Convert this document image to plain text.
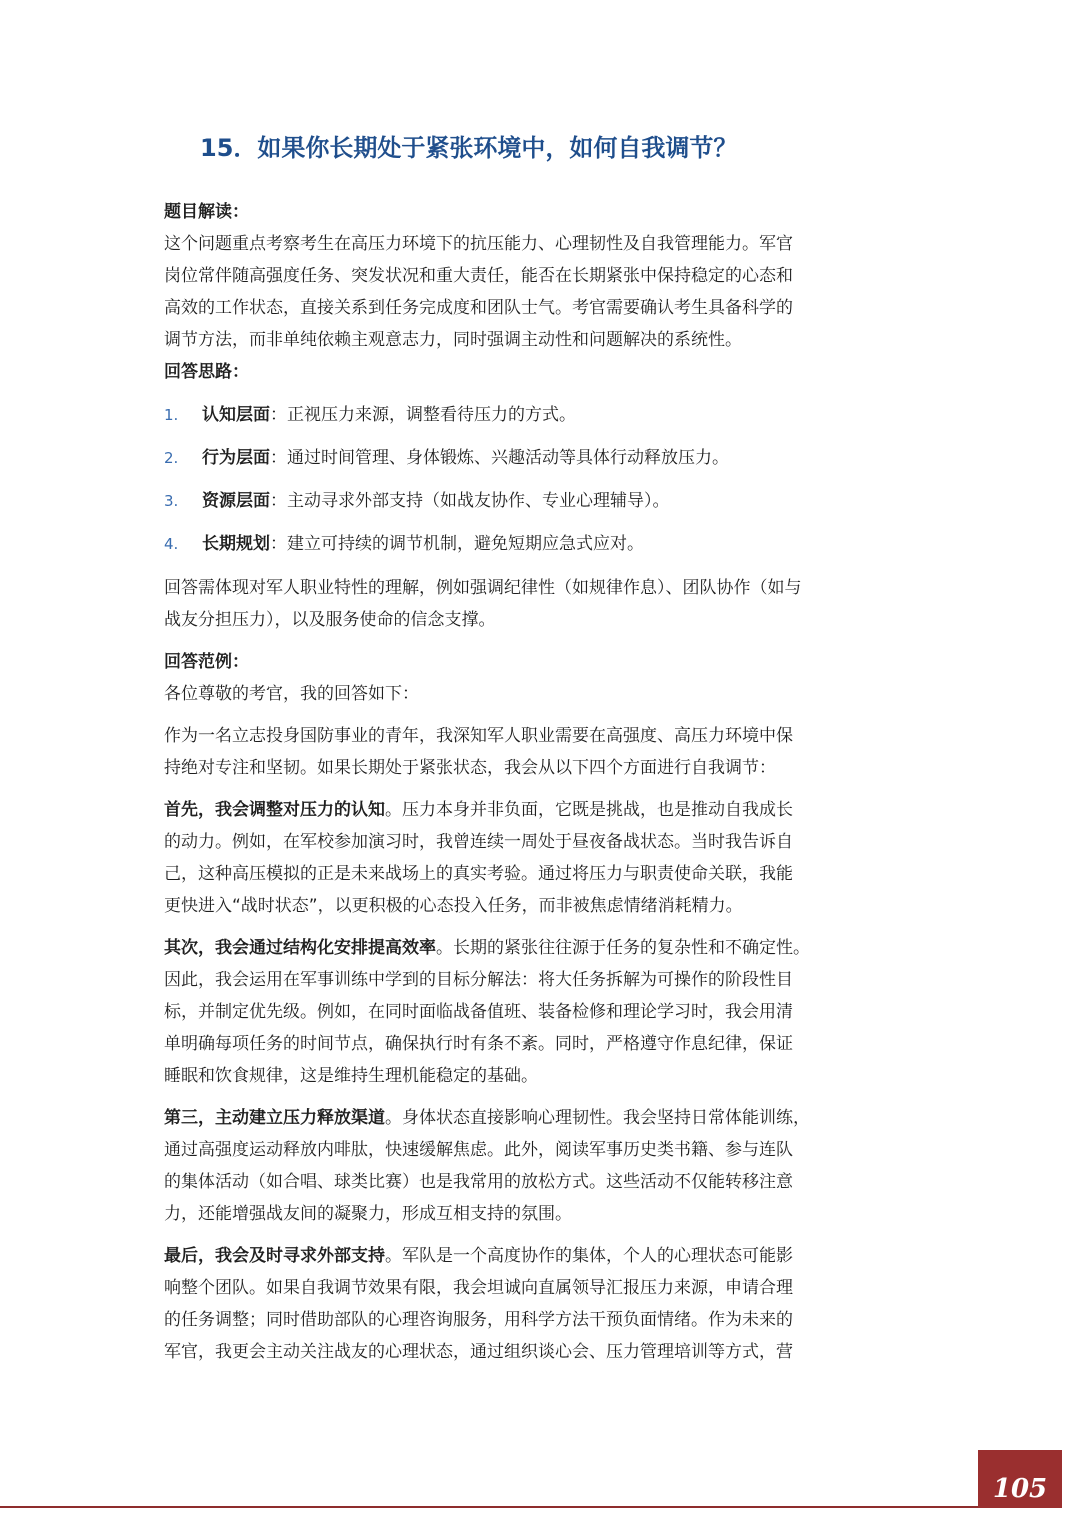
15．如果你长期处于紧张环境中，如何自我调节？

题目解读：

这个问题重点考察考生在高压力环境下的抗压能力、心理韧性及自我管理能力。军官
岗位常伴随高强度任务、突发状况和重大责任，能否在长期紧张中保持稳定的心态和
高效的工作状态，直接关系到任务完成度和团队士气。考官需要确认考生具备科学的
调节方法，而非单纯依赖主观意志力，同时强调主动性和问题解决的系统性。

回答思路：

1.	认知层面：正视压力来源，调整看待压力的方式。
2.	行为层面：通过时间管理、身体锻炼、兴趣活动等具体行动释放压力。
3.	资源层面：主动寻求外部支持（如战友协作、专业心理辅导）。
4.	长期规划：建立可持续的调节机制，避免短期应急式应对。
回答需体现对军人职业特性的理解，例如强调纪律性（如规律作息）、团队协作（如与
战友分担压力），以及服务使命的信念支撑。

回答范例：

各位尊敬的考官，我的回答如下：
作为一名立志投身国防事业的青年，我深知军人职业需要在高强度、高压力环境中保
持绝对专注和坚韧。如果长期处于紧张状态，我会从以下四个方面进行自我调节：
首先，我会调整对压力的认知。压力本身并非负面，它既是挑战，也是推动自我成长
的动力。例如，在军校参加演习时，我曾连续一周处于昼夜备战状态。当时我告诉自
己，这种高压模拟的正是未来战场上的真实考验。通过将压力与职责使命关联，我能
更快进入“战时状态”，以更积极的心态投入任务，而非被焦虑情绪消耗精力。
其次，我会通过结构化安排提高效率。长期的紧张往往源于任务的复杂性和不确定性。
因此，我会运用在军事训练中学到的目标分解法：将大任务拆解为可操作的阶段性目
标，并制定优先级。例如，在同时面临战备值班、装备检修和理论学习时，我会用清
单明确每项任务的时间节点，确保执行时有条不紊。同时，严格遵守作息纪律，保证
睡眠和饮食规律，这是维持生理机能稳定的基础。
第三，主动建立压力释放渠道。身体状态直接影响心理韧性。我会坚持日常体能训练，
通过高强度运动释放内啡肽，快速缓解焦虑。此外，阅读军事历史类书籍、参与连队
的集体活动（如合唱、球类比赛）也是我常用的放松方式。这些活动不仅能转移注意
力，还能增强战友间的凝聚力，形成互相支持的氛围。
最后，我会及时寻求外部支持。军队是一个高度协作的集体，个人的心理状态可能影
响整个团队。如果自我调节效果有限，我会坦诚向直属领导汇报压力来源，申请合理
的任务调整；同时借助部队的心理咨询服务，用科学方法干预负面情绪。作为未来的
军官，我更会主动关注战友的心理状态，通过组织谈心会、压力管理培训等方式，营
105
